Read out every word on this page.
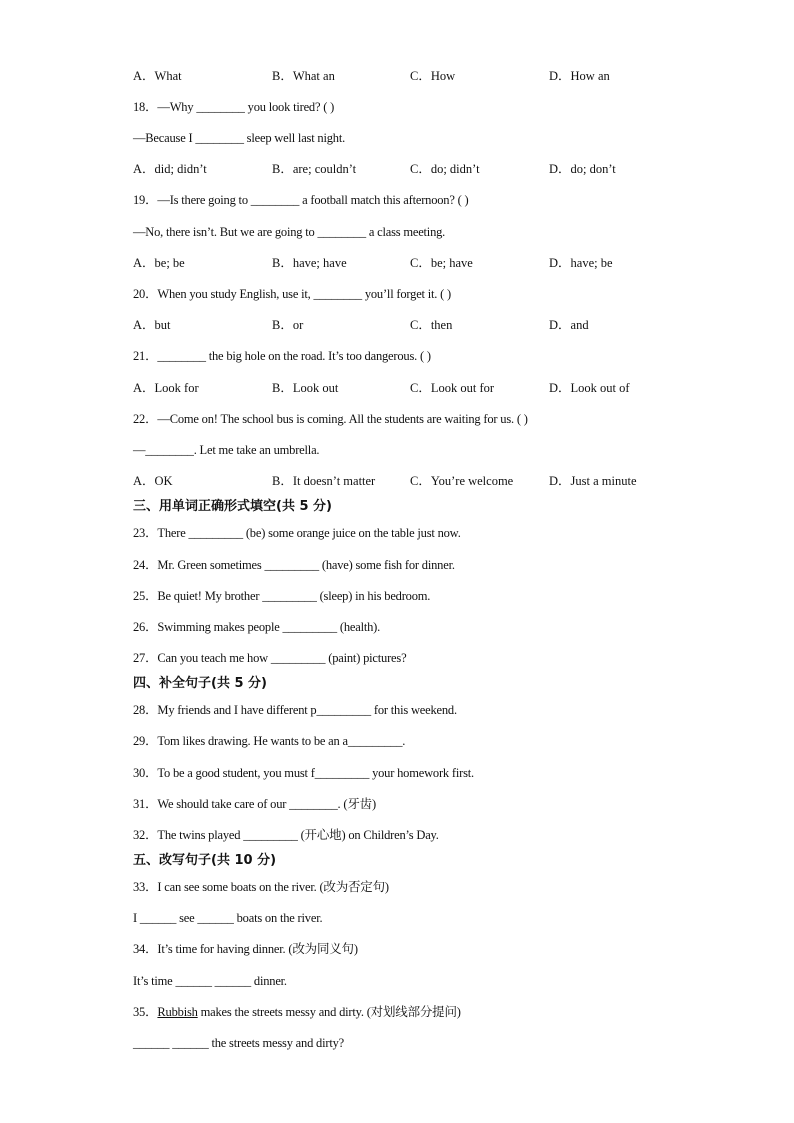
A．What	B．What an	C．How	D．How an
18．—Why ________ you look tired? ( )
—Because I ________ sleep well last night.
A．did; didn’t	B．are; couldn’t	C．do; didn’t	D．do; don’t
19．—Is there going to ________ a football match this afternoon? ( )
—No, there isn’t. But we are going to ________ a class meeting.
A．be; be	B．have; have	C．be; have	D．have; be
20．When you study English, use it, ________ you’ll forget it. ( )
A．but	B．or	C．then	D．and
21．________ the big hole on the road. It’s too dangerous. ( )
A．Look for	B．Look out	C．Look out for	D．Look out of
22．—Come on! The school bus is coming. All the students are waiting for us. ( )
—________. Let me take an umbrella.
A．OK	B．It doesn’t matter	C．You’re welcome	D．Just a minute
三、用单词正确形式填空(共 5 分)
23．There _________ (be) some orange juice on the table just now.
24．Mr. Green sometimes _________ (have) some fish for dinner.
25．Be quiet! My brother _________ (sleep) in his bedroom.
26．Swimming makes people _________ (health).
27．Can you teach me how _________ (paint) pictures?
四、补全句子(共 5 分)
28．My friends and I have different p_________ for this weekend.
29．Tom likes drawing. He wants to be an a_________.
30．To be a good student, you must f_________ your homework first.
31．We should take care of our ________. (牙齿)
32．The twins played _________ (开心地) on Children’s Day.
五、改写句子(共 10 分)
33．I can see some boats on the river. (改为否定句)
I ______ see ______ boats on the river.
34．It’s time for having dinner. (改为同义句)
It’s time ______ ______ dinner.
35．Rubbish makes the streets messy and dirty. (对划线部分提问)
______ ______ the streets messy and dirty?
